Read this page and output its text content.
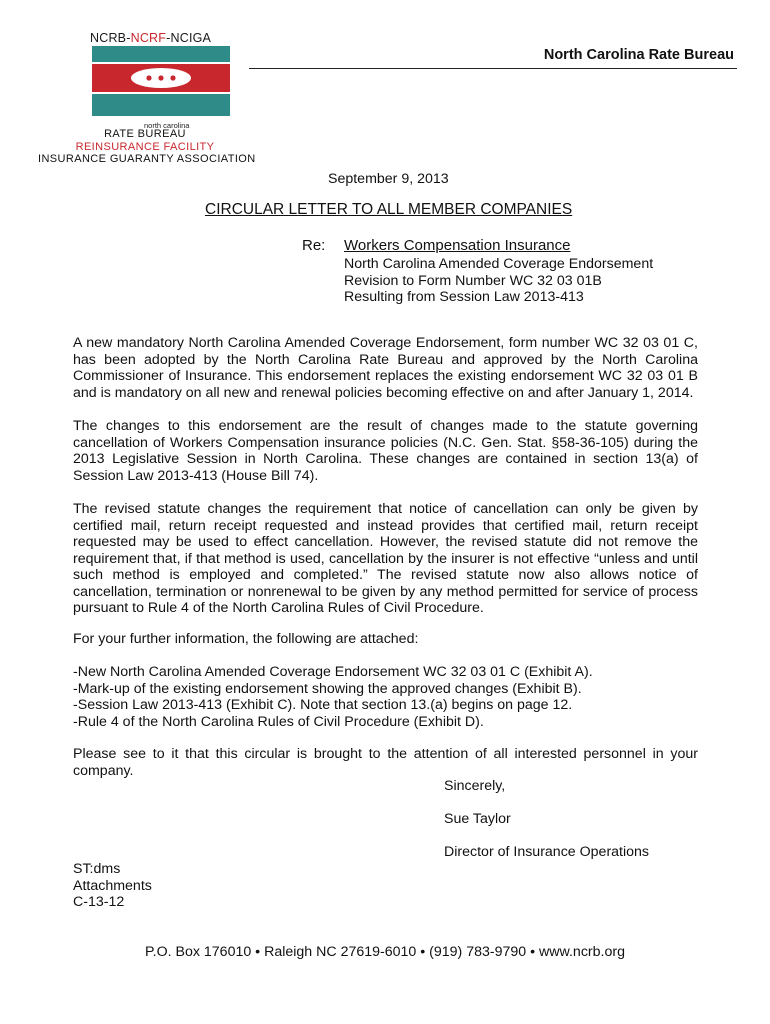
NCRB-NCRF-NCIGA
north carolina
RATE BUREAU
REINSURANCE FACILITY
INSURANCE GUARANTY ASSOCIATION
North Carolina Rate Bureau
September 9, 2013
CIRCULAR LETTER TO ALL MEMBER COMPANIES
Re: Workers Compensation Insurance
North Carolina Amended Coverage Endorsement
Revision to Form Number WC 32 03 01B
Resulting from Session Law 2013-413
A new mandatory North Carolina Amended Coverage Endorsement, form number WC 32 03 01 C, has been adopted by the North Carolina Rate Bureau and approved by the North Carolina Commissioner of Insurance. This endorsement replaces the existing endorsement WC 32 03 01 B and is mandatory on all new and renewal policies becoming effective on and after January 1, 2014.
The changes to this endorsement are the result of changes made to the statute governing cancellation of Workers Compensation insurance policies (N.C. Gen. Stat. §58-36-105) during the 2013 Legislative Session in North Carolina. These changes are contained in section 13(a) of Session Law 2013-413 (House Bill 74).
The revised statute changes the requirement that notice of cancellation can only be given by certified mail, return receipt requested and instead provides that certified mail, return receipt requested may be used to effect cancellation. However, the revised statute did not remove the requirement that, if that method is used, cancellation by the insurer is not effective “unless and until such method is employed and completed.” The revised statute now also allows notice of cancellation, termination or nonrenewal to be given by any method permitted for service of process pursuant to Rule 4 of the North Carolina Rules of Civil Procedure.
For your further information, the following are attached:
-New North Carolina Amended Coverage Endorsement WC 32 03 01 C (Exhibit A).
-Mark-up of the existing endorsement showing the approved changes (Exhibit B).
-Session Law 2013-413 (Exhibit C). Note that section 13.(a) begins on page 12.
-Rule 4 of the North Carolina Rules of Civil Procedure (Exhibit D).
Please see to it that this circular is brought to the attention of all interested personnel in your company.
Sincerely,
Sue Taylor
Director of Insurance Operations
ST:dms
Attachments
C-13-12
P.O. Box 176010 • Raleigh NC 27619-6010 • (919) 783-9790 • www.ncrb.org
